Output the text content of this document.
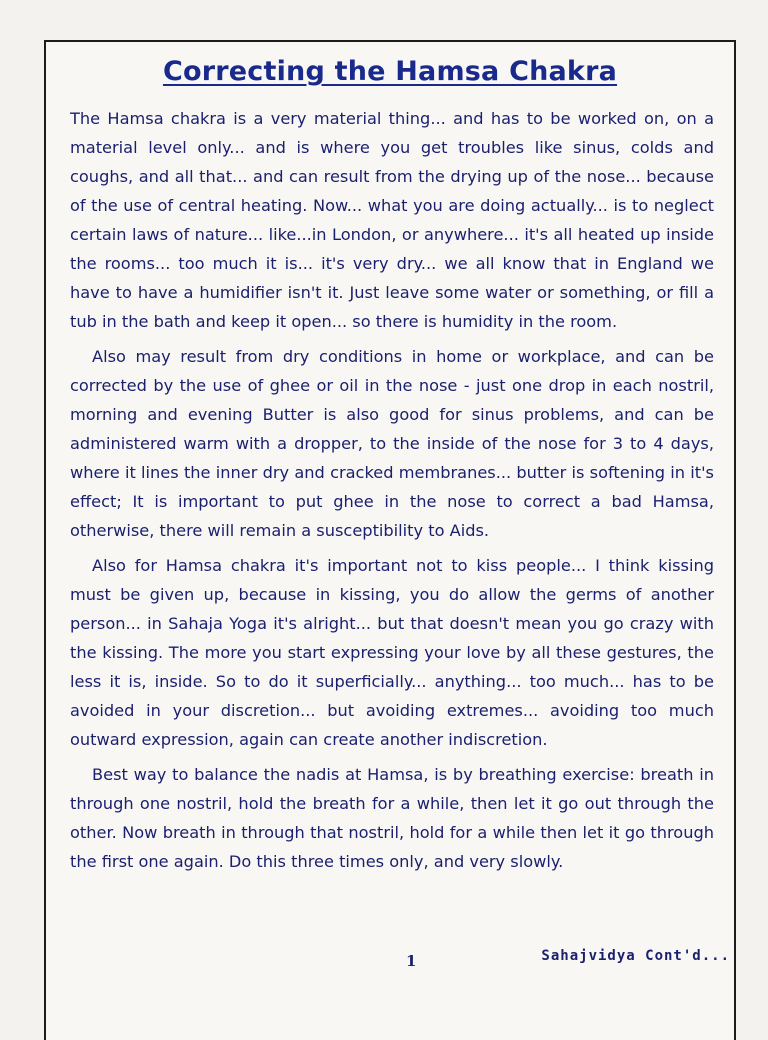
Correcting the Hamsa Chakra

The Hamsa chakra is a very material thing... and has to be worked on, on a material level only... and is where you get troubles like sinus, colds and coughs, and all that... and can result from the drying up of the nose... because of the use of central heating. Now... what you are doing actually... is to neglect certain laws of nature... like...in London, or anywhere... it's all heated up inside the rooms... too much it is... it's very dry... we all know that in England we have to have a humidifier isn't it. Just leave some water or something, or fill a tub in the bath and keep it open... so there is humidity in the room.

Also may result from dry conditions in home or workplace, and can be corrected by the use of ghee or oil in the nose - just one drop in each nostril, morning and evening Butter is also good for sinus problems, and can be administered warm with a dropper, to the inside of the nose for 3 to 4 days, where it lines the inner dry and cracked membranes... butter is softening in it's effect; It is important to put ghee in the nose to correct a bad Hamsa, otherwise, there will remain a susceptibility to Aids.

Also for Hamsa chakra it's important not to kiss people... I think kissing must be given up, because in kissing, you do allow the germs of another person... in Sahaja Yoga it's alright... but that doesn't mean you go crazy with the kissing. The more you start expressing your love by all these gestures, the less it is, inside. So to do it superficially... anything... too much... has to be avoided in your discretion... but avoiding extremes... avoiding too much outward expression, again can create another indiscretion.

Best way to balance the nadis at Hamsa, is by breathing exercise: breath in through one nostril, hold the breath for a while, then let it go out through the other. Now breath in through that nostril, hold for a while then let it go through the first one again. Do this three times only, and very slowly.

1	Sahajvidya Cont'd...
